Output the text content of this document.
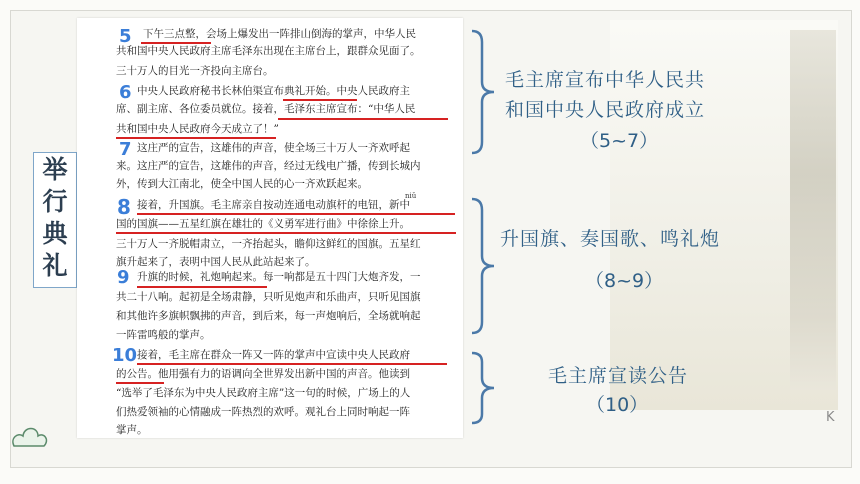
K
举
行
典
礼
5
6
7
8
9
10
下午三点整，会场上爆发出一阵排山倒海的掌声，中华人民
共和国中央人民政府主席毛泽东出现在主席台上，跟群众见面了。
三十万人的目光一齐投向主席台。
中央人民政府秘书长林伯渠宣布典礼开始。中央人民政府主
席、副主席、各位委员就位。接着，毛泽东主席宣布：“中华人民
共和国中央人民政府今天成立了！”
这庄严的宣告，这雄伟的声音，使全场三十万人一齐欢呼起
来。这庄严的宣告，这雄伟的声音，经过无线电广播，传到长城内
外，传到大江南北，使全中国人民的心一齐欢跃起来。
接着，升国旗。毛主席亲自按动连通电动旗杆的电钮，新中
国的国旗——五星红旗在雄壮的《义勇军进行曲》中徐徐上升。
三十万人一齐脱帽肃立，一齐抬起头，瞻仰这鲜红的国旗。五星红
旗升起来了，表明中国人民从此站起来了。
升旗的时候，礼炮响起来。每一响都是五十四门大炮齐发，一
共二十八响。起初是全场肃静，只听见炮声和乐曲声，只听见国旗
和其他许多旗帜飘拂的声音，到后来，每一声炮响后，全场就响起
一阵雷鸣般的掌声。
接着，毛主席在群众一阵又一阵的掌声中宣读中央人民政府
的公告。他用强有力的语调向全世界发出新中国的声音。他读到
“选举了毛泽东为中央人民政府主席”这一句的时候，广场上的人
们热爱领袖的心情融成一阵热烈的欢呼。观礼台上同时响起一阵
掌声。
niǔ
毛主席宣布中华人民共
和国中央人民政府成立
（5~7）
升国旗、奏国歌、鸣礼炮
（8~9）
毛主席宣读公告
（10）
